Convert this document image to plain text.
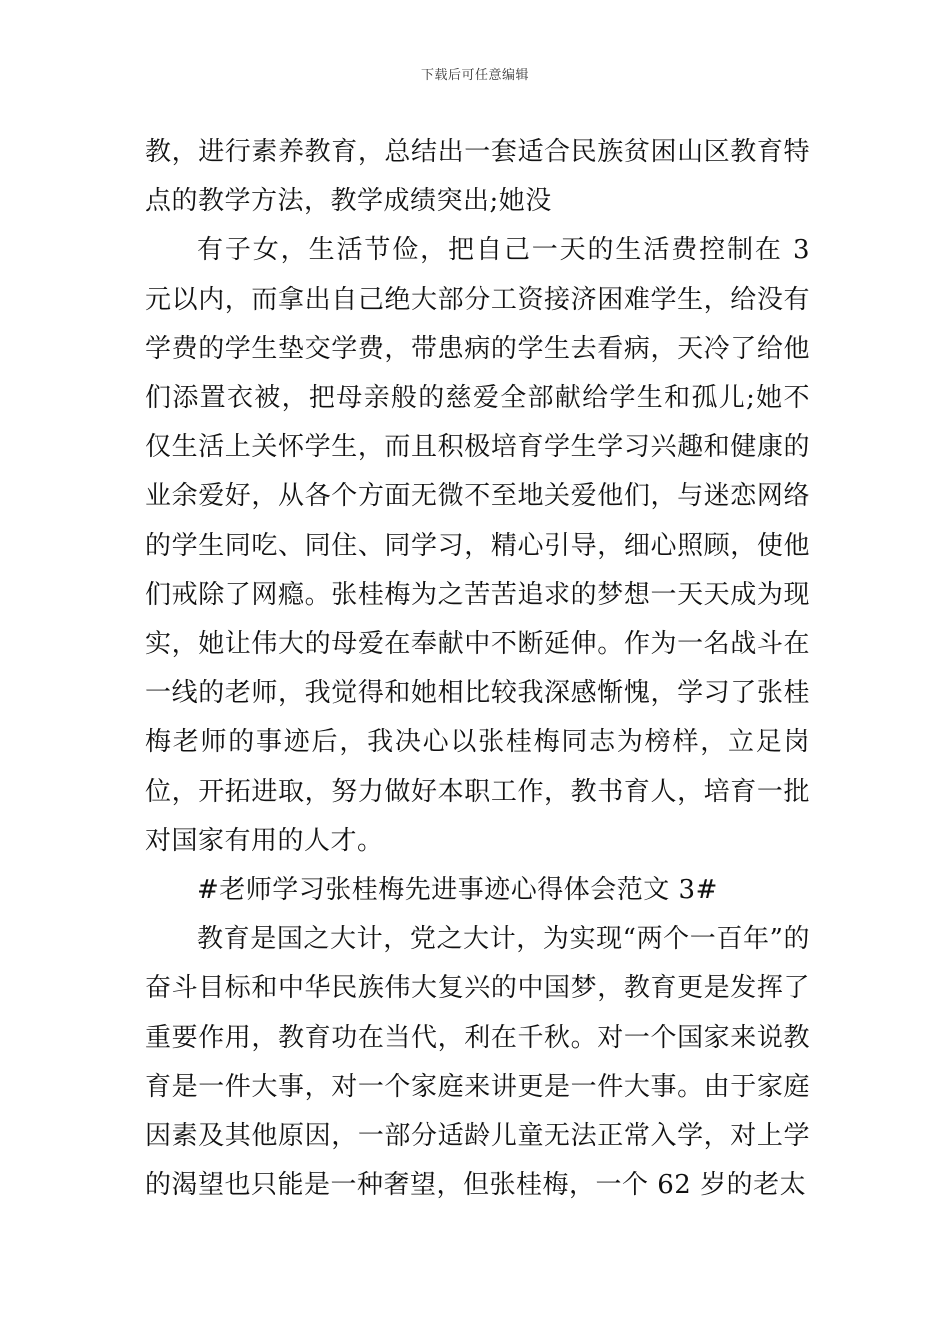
下载后可任意编辑

教，进行素养教育，总结出一套适合民族贫困山区教育特点的教学方法，教学成绩突出;她没

有子女，生活节俭，把自己一天的生活费控制在 3 元以内，而拿出自己绝大部分工资接济困难学生，给没有学费的学生垫交学费，带患病的学生去看病，天冷了给他们添置衣被，把母亲般的慈爱全部献给学生和孤儿;她不仅生活上关怀学生，而且积极培育学生学习兴趣和健康的业余爱好，从各个方面无微不至地关爱他们，与迷恋网络的学生同吃、同住、同学习，精心引导，细心照顾，使他们戒除了网瘾。张桂梅为之苦苦追求的梦想一天天成为现实，她让伟大的母爱在奉献中不断延伸。作为一名战斗在一线的老师，我觉得和她相比较我深感惭愧，学习了张桂梅老师的事迹后，我决心以张桂梅同志为榜样，立足岗位，开拓进取，努力做好本职工作，教书育人，培育一批对国家有用的人才。

#老师学习张桂梅先进事迹心得体会范文 3#

教育是国之大计，党之大计，为实现“两个一百年”的奋斗目标和中华民族伟大复兴的中国梦，教育更是发挥了重要作用，教育功在当代，利在千秋。对一个国家来说教育是一件大事，对一个家庭来讲更是一件大事。由于家庭因素及其他原因，一部分适龄儿童无法正常入学，对上学的渴望也只能是一种奢望，但张桂梅，一个 62 岁的老太
